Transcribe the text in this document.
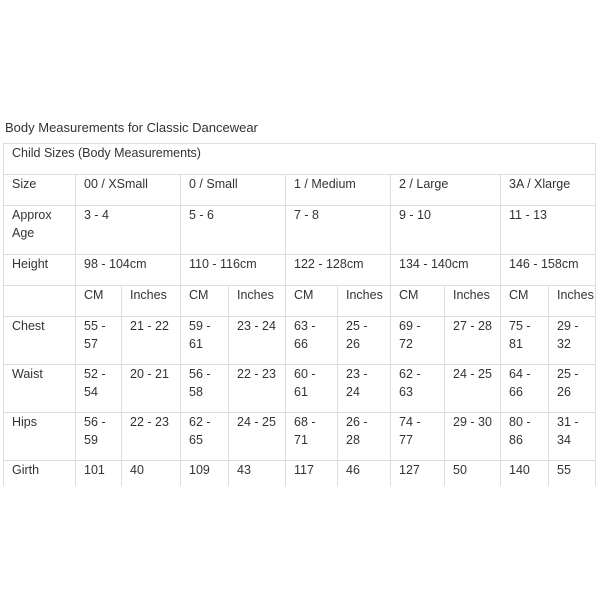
Body Measurements for Classic Dancewear
Child Sizes (Body Measurements)										
Size	00 / XSmall		0 / Small		1 / Medium		2 / Large		3A / Xlarge	
Approx Age	3 - 4		5 - 6		7 - 8		9 - 10		11 - 13	
Height	98 - 104cm		110 - 116cm		122 - 128cm		134 - 140cm		146 - 158cm	
	CM	Inches	CM	Inches	CM	Inches	CM	Inches	CM	Inches
Chest	55 - 57	21 - 22	59 - 61	23 - 24	63 - 66	25 - 26	69 - 72	27 - 28	75 - 81	29 - 32
Waist	52 - 54	20 - 21	56 - 58	22 - 23	60 - 61	23 - 24	62 - 63	24 - 25	64 - 66	25 - 26
Hips	56 - 59	22 - 23	62 - 65	24 - 25	68 - 71	26 - 28	74 - 77	29 - 30	80 - 86	31 - 34
Girth	101	40	109	43	117	46	127	50	140	55
